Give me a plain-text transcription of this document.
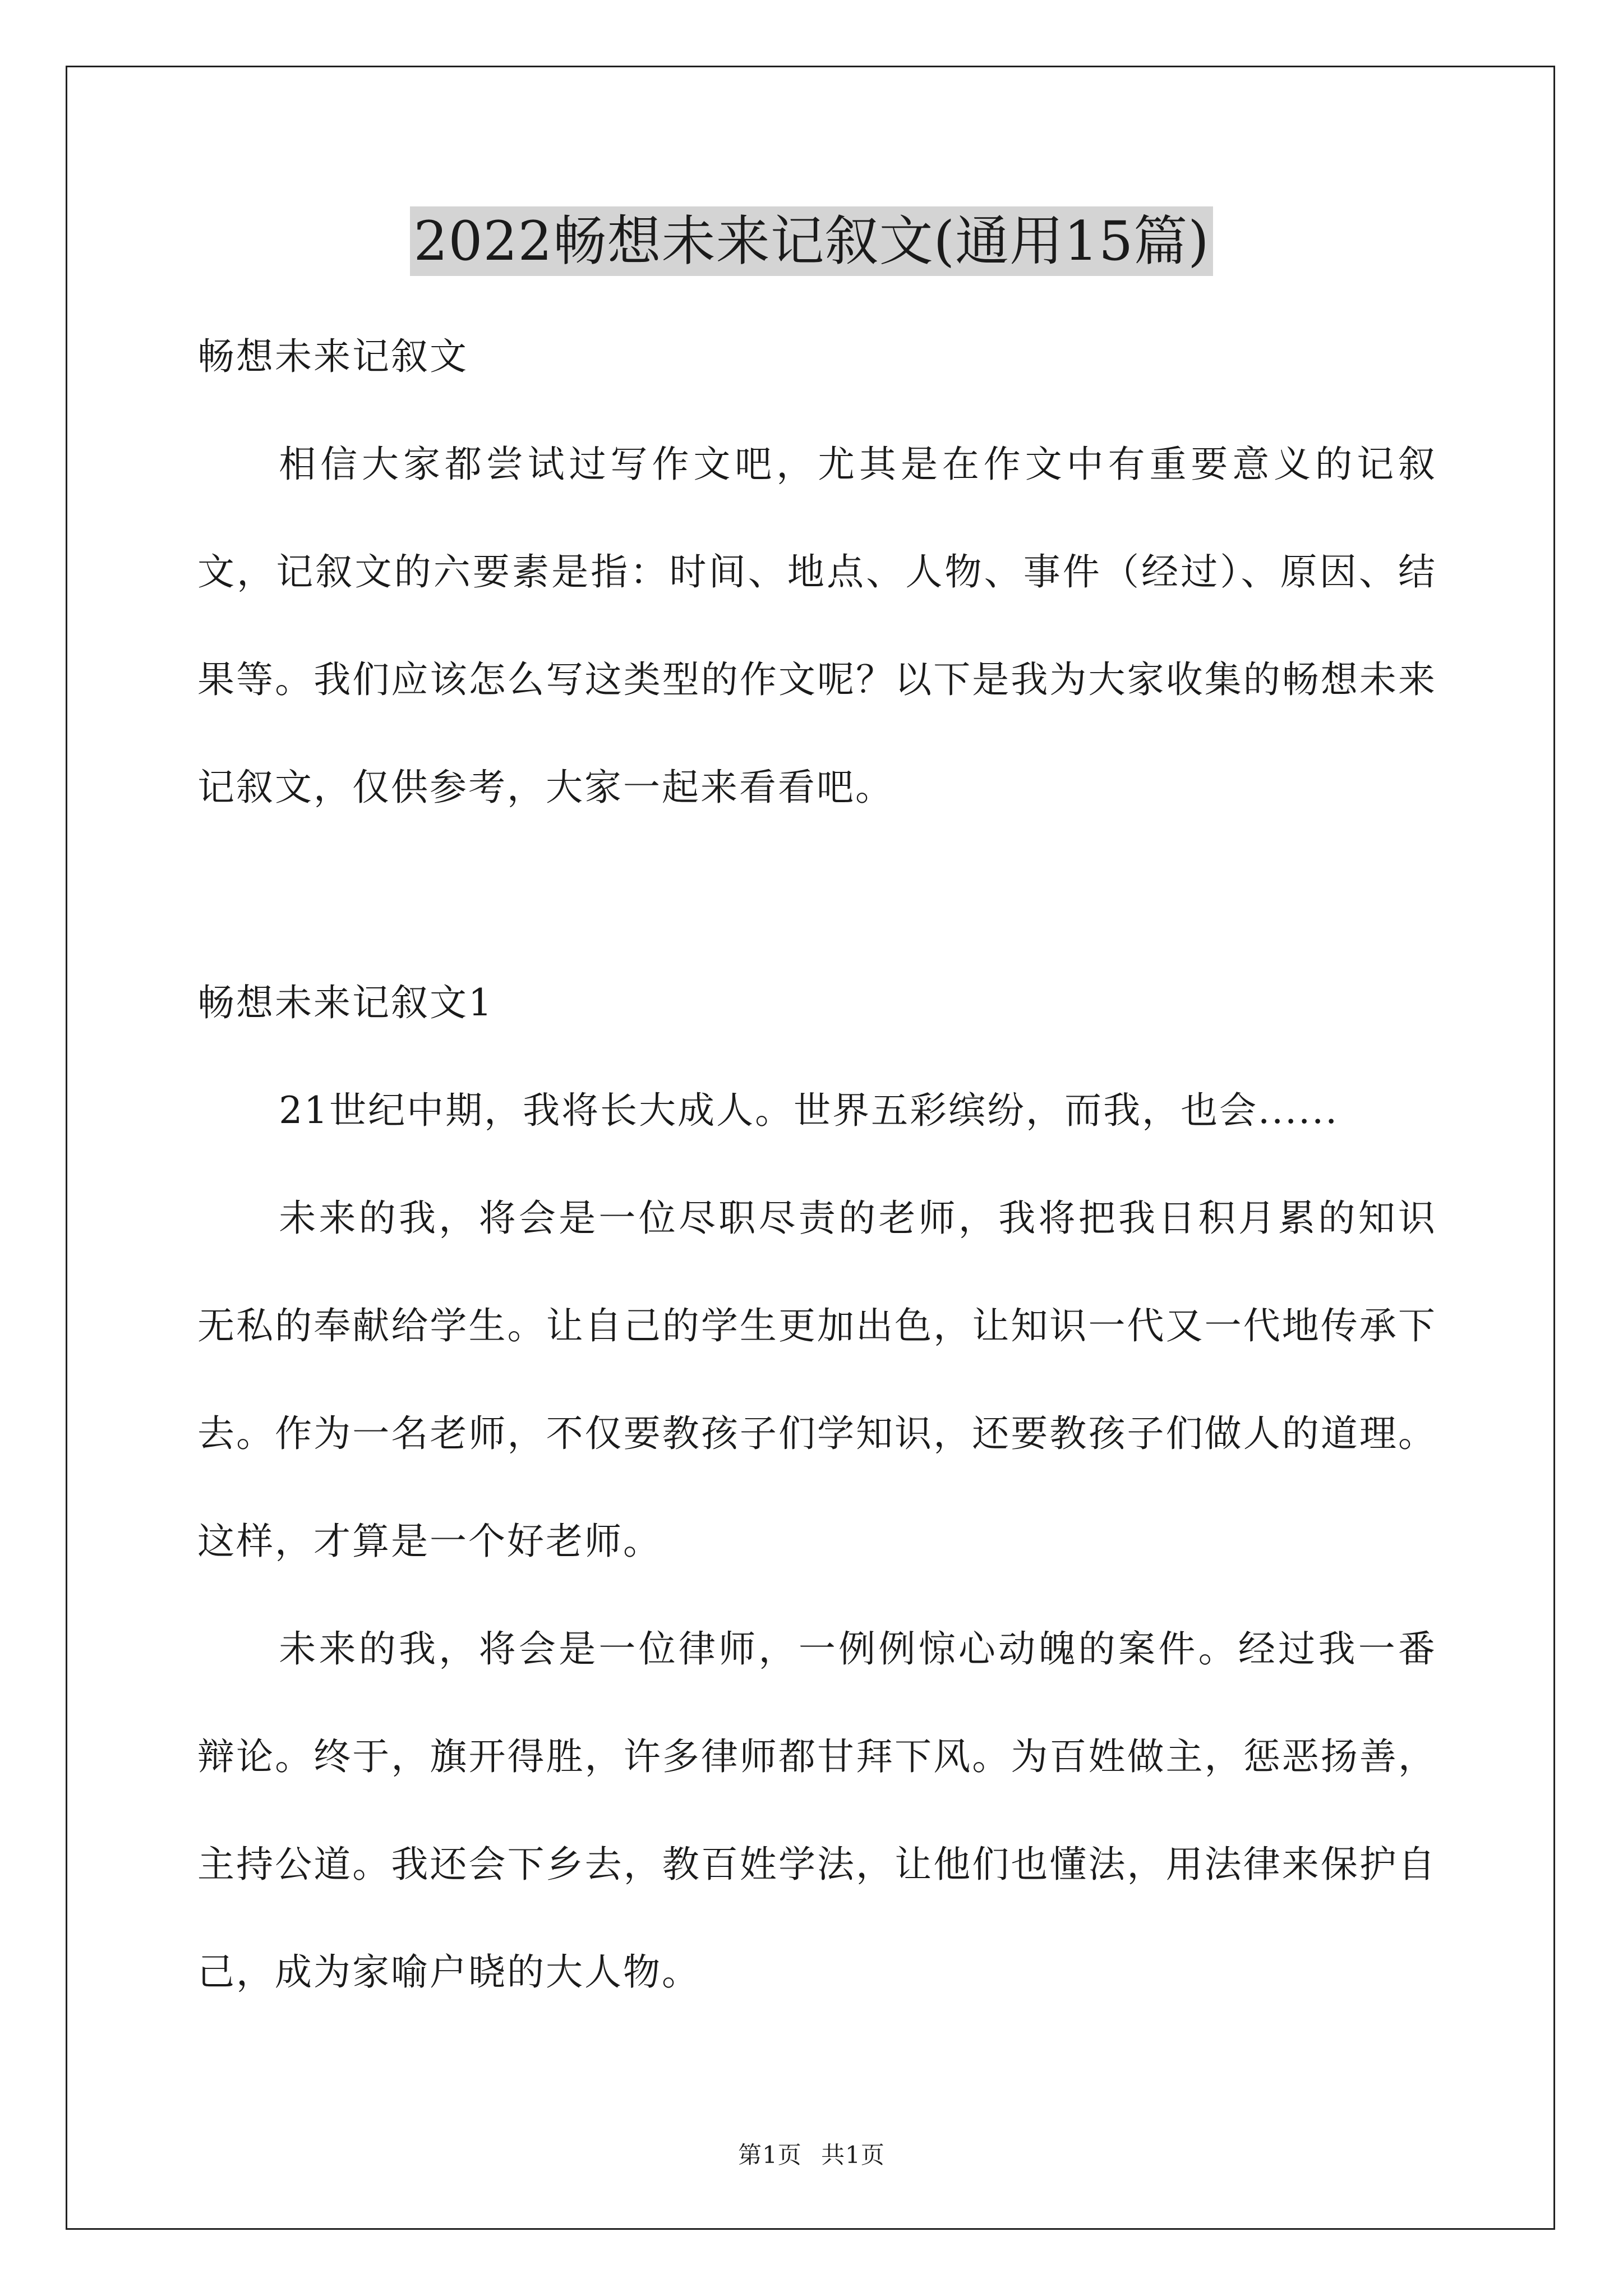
2022畅想未来记叙文(通用15篇)

畅想未来记叙文

相信大家都尝试过写作文吧，尤其是在作文中有重要意义的记叙文，记叙文的六要素是指：时间、地点、人物、事件（经过）、原因、结果等。我们应该怎么写这类型的作文呢？以下是我为大家收集的畅想未来记叙文，仅供参考，大家一起来看看吧。

畅想未来记叙文1

21世纪中期，我将长大成人。世界五彩缤纷，而我，也会......

未来的我，将会是一位尽职尽责的老师，我将把我日积月累的知识无私的奉献给学生。让自己的学生更加出色，让知识一代又一代地传承下去。作为一名老师，不仅要教孩子们学知识，还要教孩子们做人的道理。这样，才算是一个好老师。

未来的我，将会是一位律师，一例例惊心动魄的案件。经过我一番辩论。终于，旗开得胜，许多律师都甘拜下风。为百姓做主，惩恶扬善，主持公道。我还会下乡去，教百姓学法，让他们也懂法，用法律来保护自己，成为家喻户晓的大人物。

第1页 共1页
